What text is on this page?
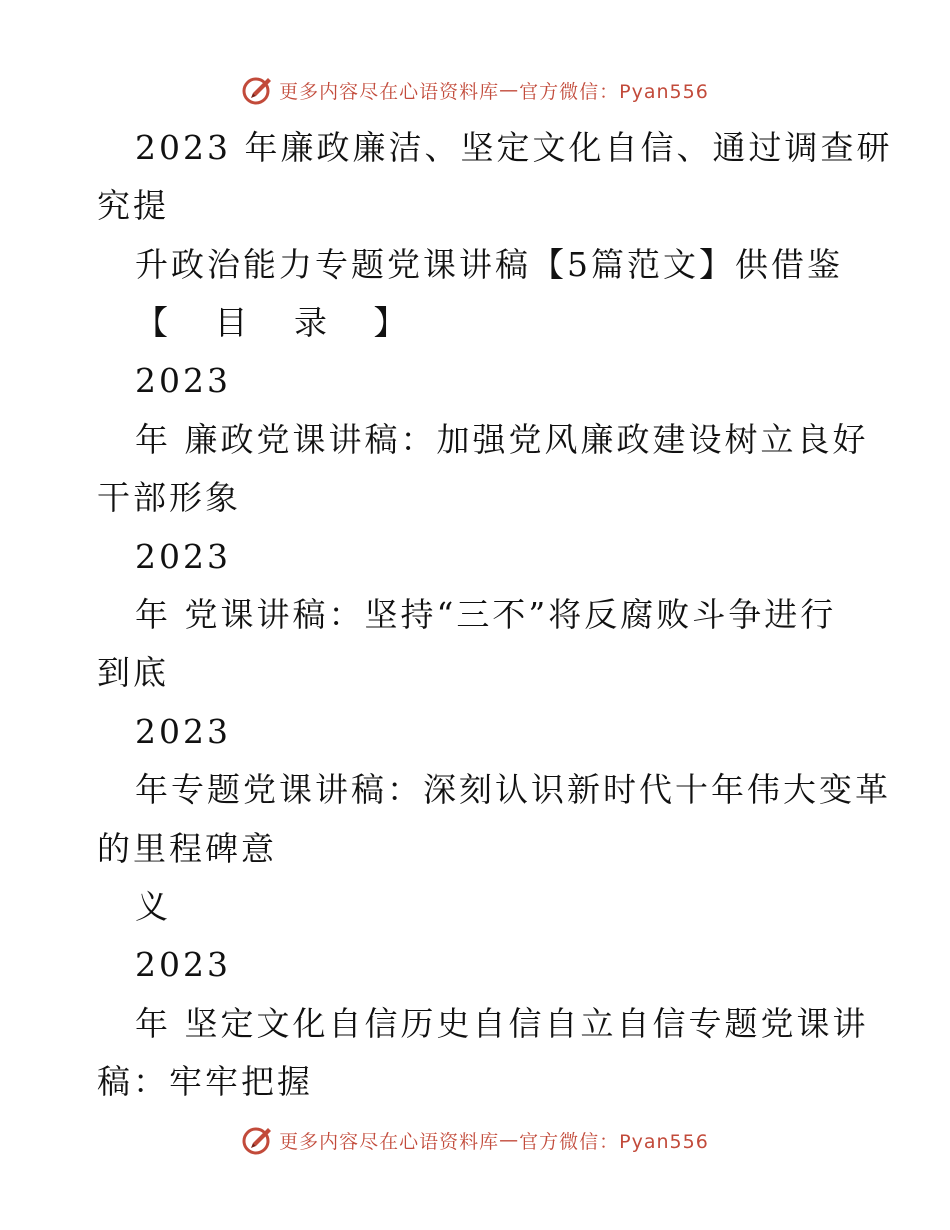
更多内容尽在心语资料库 — 官方微信：Pyan556
2023 年廉政廉洁、坚定文化自信、通过调查研
究提
升政治能力专题党课讲稿【5篇范文】供借鉴
【 目 录 】
2023
年 廉政党课讲稿：加强党风廉政建设树立良好
干部形象
2023
年 党课讲稿：坚持“三不”将反腐败斗争进行
到底
2023
年专题党课讲稿：深刻认识新时代十年伟大变革
的里程碑意
义
2023
年 坚定文化自信历史自信自立自信专题党课讲
稿：牢牢把握
更多内容尽在心语资料库 — 官方微信：Pyan556
